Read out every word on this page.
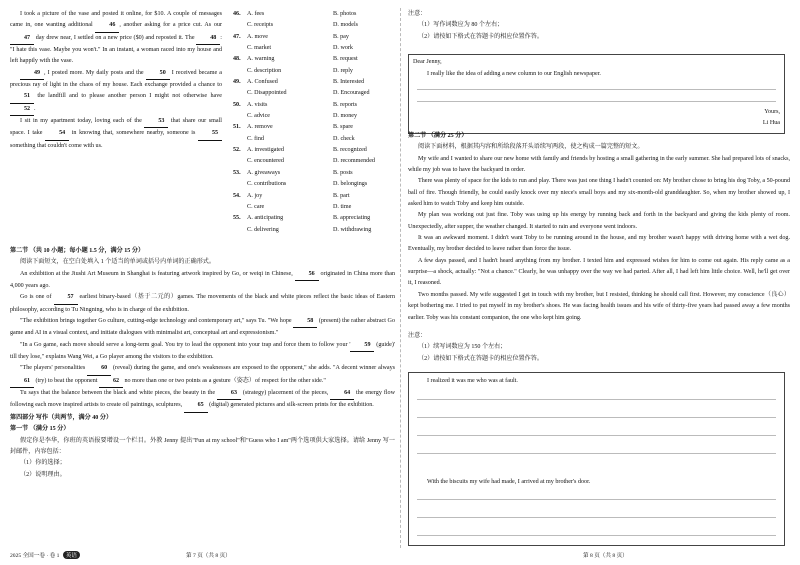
I took a picture of the vase and posted it online, for $10. A couple of messages came in, one wanting additional 46 , another asking for a price cut. As our 47 day drew near, I settled on a new price ($0) and reposted it. The 48 : "I hate this vase. Maybe you won't." In an instant, a woman raced into my house and left happily with the vase.

49 , I posted more. My daily posts and the 50 I received became a precious ray of light in the chaos of my house. Each exchange provided a chance to 51 the landfill and to please another person I might not otherwise have 52 .

I sit in my apartment today, loving each of the 53 that share our small space. I take 54 in knowing that, somewhere nearby, someone is 55 something that couldn't come with us.

46.	A. fees	B. photos
C. receipts	D. models
47.	A. move	B. pay
C. market	D. work
48.	A. warning	B. request
C. description	D. reply
49.	A. Confused	B. Interested
C. Disappointed	D. Encouraged
50.	A. visits	B. reports
C. advice	D. money
51.	A. remove	B. spare
C. find	D. check
52.	A. investigated	B. recognized
C. encountered	D. recommended
53.	A. giveaways	B. posts
C. contributions	D. belongings
54.	A. joy	B. part
C. care	D. time
55.	A. anticipating	B. appreciating
C. delivering	D. withdrawing

第二节 （共 10 小题；每小题 1.5 分，满分 15 分）

阅读下面短文，在空白处填入 1 个适当的单词或括号内单词的正确形式。

An exhibition at the Jiushi Art Museum in Shanghai is featuring artwork inspired by Go, or weiqi in Chinese, 56 originated in China more than 4,000 years ago.

Go is one of 57 earliest binary-based（基于二元的）games. The movements of the black and white pieces reflect the basic ideas of Eastern philosophy, according to Tu Ningning, who is in charge of the exhibition.

"The exhibition brings together Go culture, cutting-edge technology and contemporary art," says Tu. "We hope 58 (present) the rather abstract Go game and AI in a visual context, and initiate dialogues with minimalist art, conceptual art and expressionism."

"In a Go game, each move should serve a long-term goal. You try to lead the opponent into your trap and force them to follow your ' 59 (guide)' till they lose," explains Wang Wei, a Go player among the visitors to the exhibition.

"The players' personalities 60 (reveal) during the game, and one's weaknesses are exposed to the opponent," she adds. "A decent winner always 61 (try) to beat the opponent 62 no more than one or two points as a gesture（姿态）of respect for the other side."

Tu says that the balance between the black and white pieces, the beauty in the 63 (strategy) placement of the pieces, 64 the energy flow following each move inspired artists to create oil paintings, sculptures, 65 (digital) generated pictures and silk-screen prints for the exhibition.

第四部分 写作（共两节，满分 40 分）

第一节 （满分 15 分）

假定你是李华，你班的英语报要增设一个栏目。外教 Jenny 提出"Fun at my school"和"Guess who I am"两个选项供大家选择。请给 Jenny 写一封邮件，内容包括：

（1）你的选择；

（2）说明理由。

2025 全国一卷 · 卷 1 英语	第 7 页（共 8 页）

注意：

（1）写作词数应为 80 个左右；

（2）请按如下格式在答题卡的相应位置作答。

Dear Jenny,
I really like the idea of adding a new column to our English newspaper.
Yours,
Li Hua

第二节 （满分 25 分）

阅读下面材料，根据其内容和所给段落开头语续写两段，使之构成一篇完整的短文。

My wife and I wanted to share our new home with family and friends by hosting a small gathering in the early summer. She had prepared lots of snacks, while my job was to have the backyard in order.

There was plenty of space for the kids to run and play. There was just one thing I hadn't counted on: My brother chose to bring his dog Toby, a 50-pound ball of fire. Though friendly, he could easily knock over my niece's small boys and my six-month-old granddaughter. So, when my brother showed up, I asked him to watch Toby and keep him outside.

My plan was working out just fine. Toby was using up his energy by running back and forth in the backyard and giving the kids plenty of room. Unexpectedly, after supper, the weather changed. It started to rain and everyone went indoors.

It was an awkward moment. I didn't want Toby to be running around in the house, and my brother wasn't happy with driving home with a wet dog. Eventually, my brother decided to leave rather than force the issue.

A few days passed, and I hadn't heard anything from my brother. I texted him and expressed wishes for him to come out again. His reply came as a surprise—a shock, actually: "Not a chance." Clearly, he was unhappy over the way we had parted. After all, I had left him little choice. Well, he'll get over it, I reasoned.

Two months passed. My wife suggested I get in touch with my brother, but I resisted, thinking he should call first. However, my conscience（良心）kept bothering me. I tried to put myself in my brother's shoes. He was facing health issues and his wife of thirty-five years had passed away a few months earlier. Toby was his constant companion, the one who kept him going.

注意：

（1）续写词数应为 150 个左右；

（2）请按如下格式在答题卡的相应位置作答。

I realized it was me who was at fault.
With the biscuits my wife had made, I arrived at my brother's door.
第 8 页（共 8 页）
